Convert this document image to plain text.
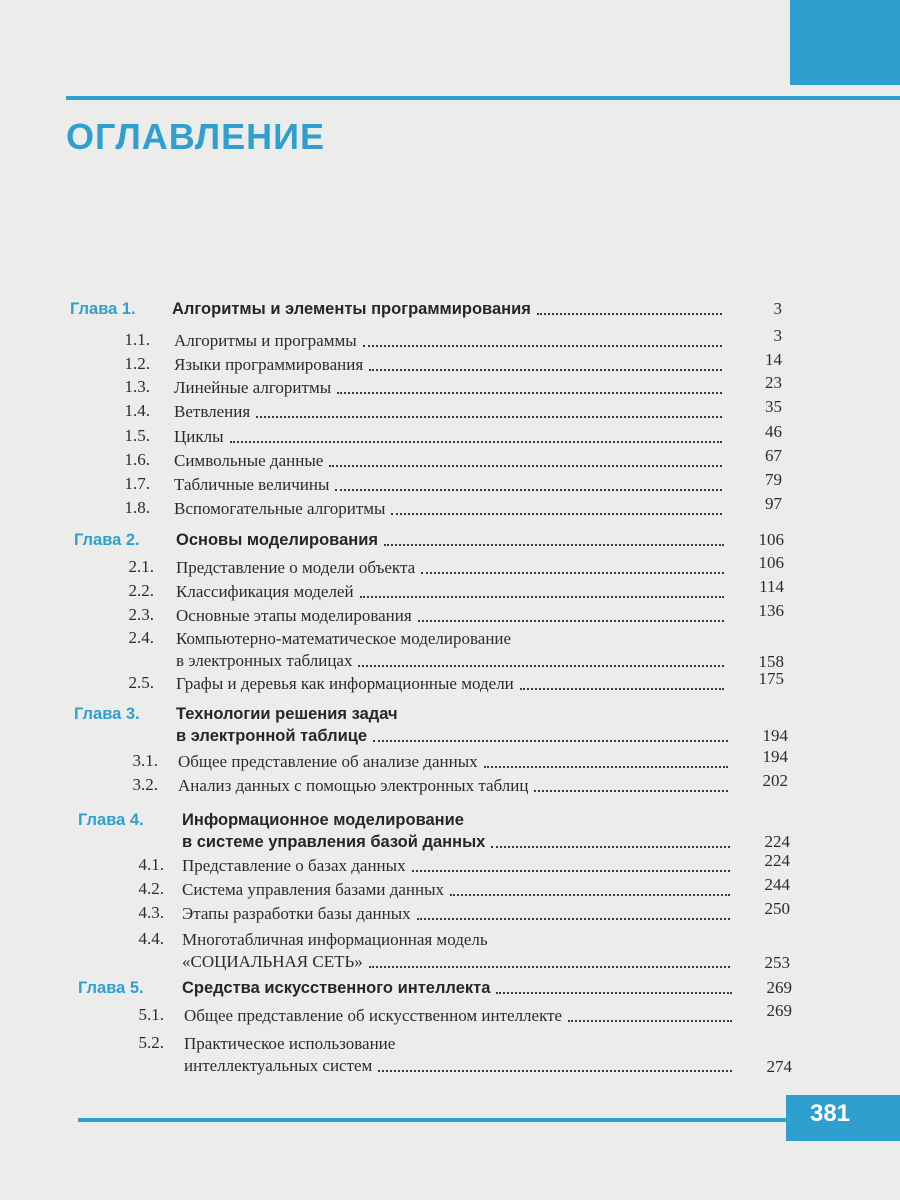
ОГЛАВЛЕНИЕ
Глава 1. Алгоритмы и элементы программирования	3
1.1. Алгоритмы и программы	3
1.2. Языки программирования	14
1.3. Линейные алгоритмы	23
1.4. Ветвления	35
1.5. Циклы	46
1.6. Символьные данные	67
1.7. Табличные величины	79
1.8. Вспомогательные алгоритмы	97
Глава 2. Основы моделирования	106
2.1. Представление о модели объекта	106
2.2. Классификация моделей	114
2.3. Основные этапы моделирования	136
2.4. Компьютерно-математическое моделирование
в электронных таблицах	158
2.5. Графы и деревья как информационные модели	175
Глава 3. Технологии решения задач
в электронной таблице	194
3.1. Общее представление об анализе данных	194
3.2. Анализ данных с помощью электронных таблиц	202
Глава 4. Информационное моделирование
в системе управления базой данных	224
4.1. Представление о базах данных	224
4.2. Система управления базами данных	244
4.3. Этапы разработки базы данных	250
4.4. Многотабличная информационная модель
«СОЦИАЛЬНАЯ СЕТЬ»	253
Глава 5. Средства искусственного интеллекта	269
5.1. Общее представление об искусственном интеллекте	269
5.2. Практическое использование
интеллектуальных систем	274
381
